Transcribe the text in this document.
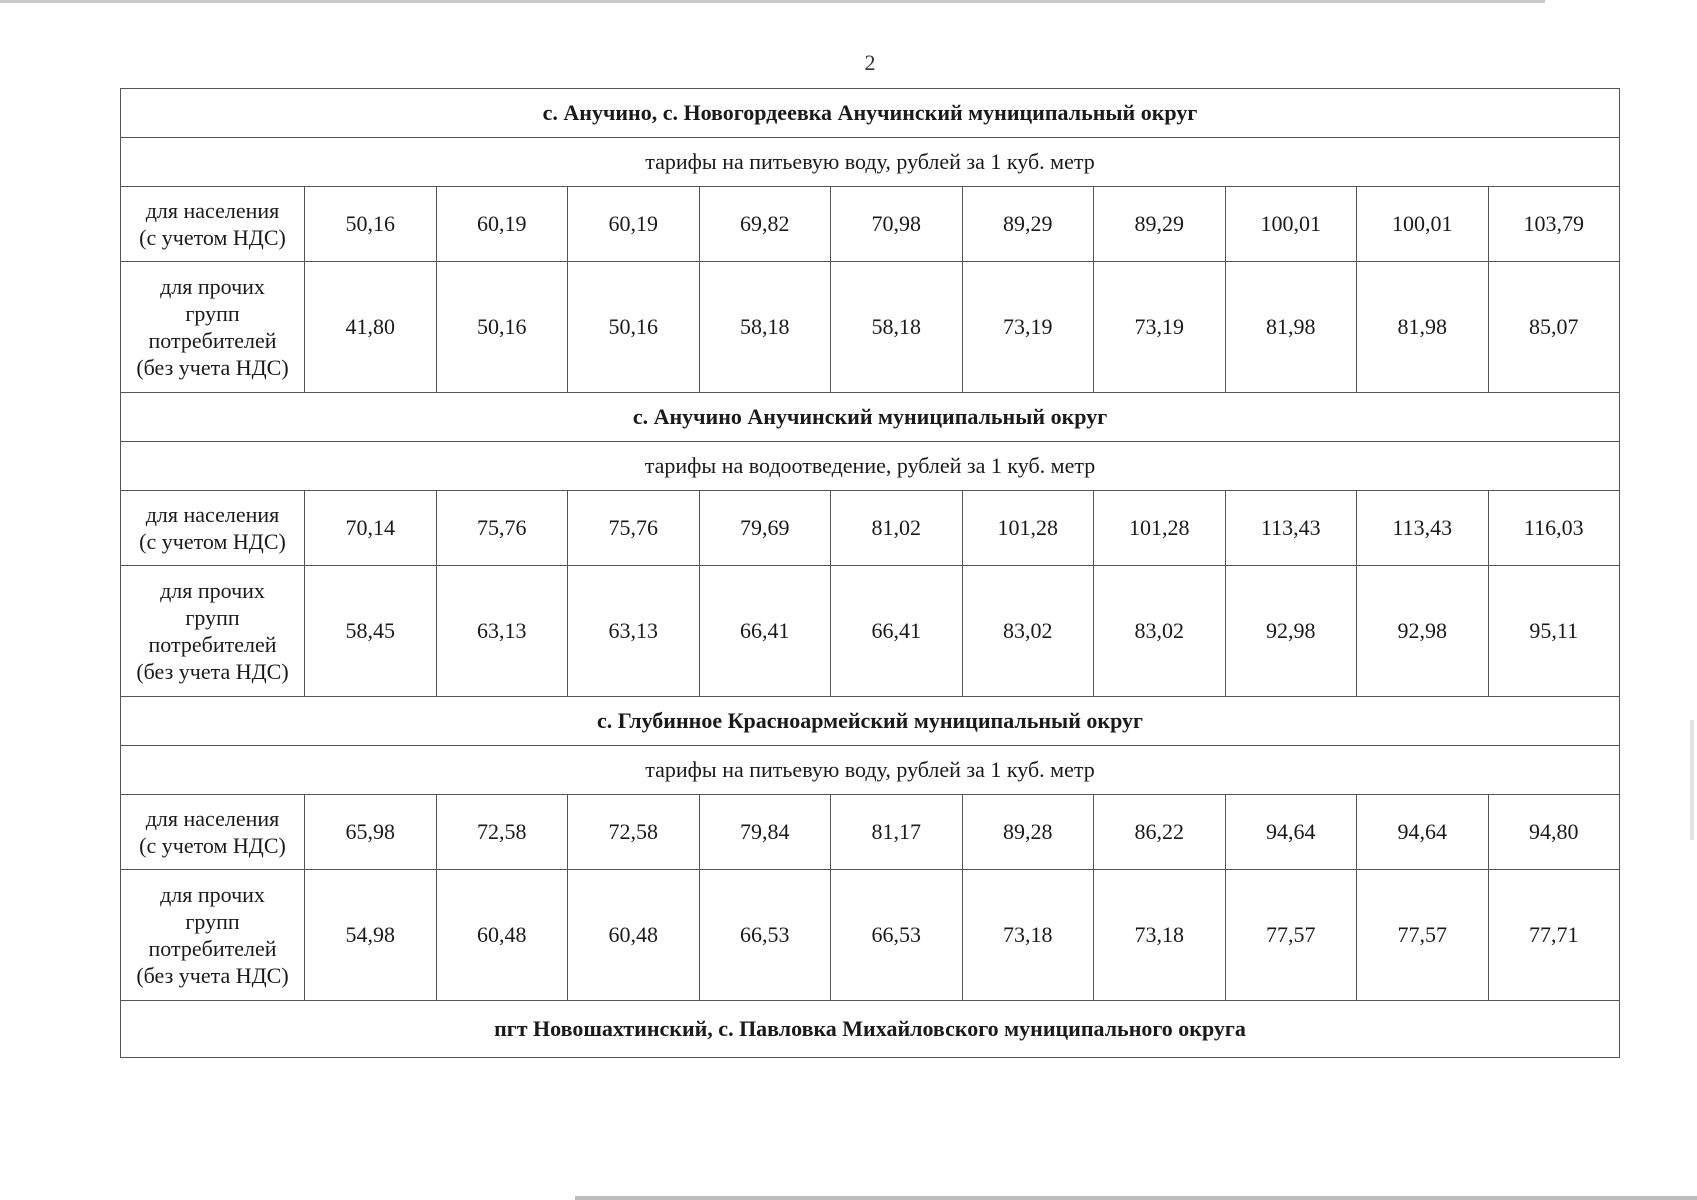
2
с. Анучино, с. Новогордеевка Анучинский муниципальный округ										
тарифы на питьевую воду, рублей за 1 куб. метр										

для населения
(с учетом НДС)	50,16	60,19	60,19	69,82	70,98	89,29	89,29	100,01	100,01	103,79

для прочих
групп
потребителей
(без учета НДС)	41,80	50,16	50,16	58,18	58,18	73,19	73,19	81,98	81,98	85,07
с. Анучино Анучинский муниципальный округ										
тарифы на водоотведение, рублей за 1 куб. метр										

для населения
(с учетом НДС)	70,14	75,76	75,76	79,69	81,02	101,28	101,28	113,43	113,43	116,03

для прочих
групп
потребителей
(без учета НДС)	58,45	63,13	63,13	66,41	66,41	83,02	83,02	92,98	92,98	95,11
с. Глубинное Красноармейский муниципальный округ										
тарифы на питьевую воду, рублей за 1 куб. метр										

для населения
(с учетом НДС)	65,98	72,58	72,58	79,84	81,17	89,28	86,22	94,64	94,64	94,80

для прочих
групп
потребителей
(без учета НДС)	54,98	60,48	60,48	66,53	66,53	73,18	73,18	77,57	77,57	77,71
пгт Новошахтинский, с. Павловка Михайловского муниципального округа										
